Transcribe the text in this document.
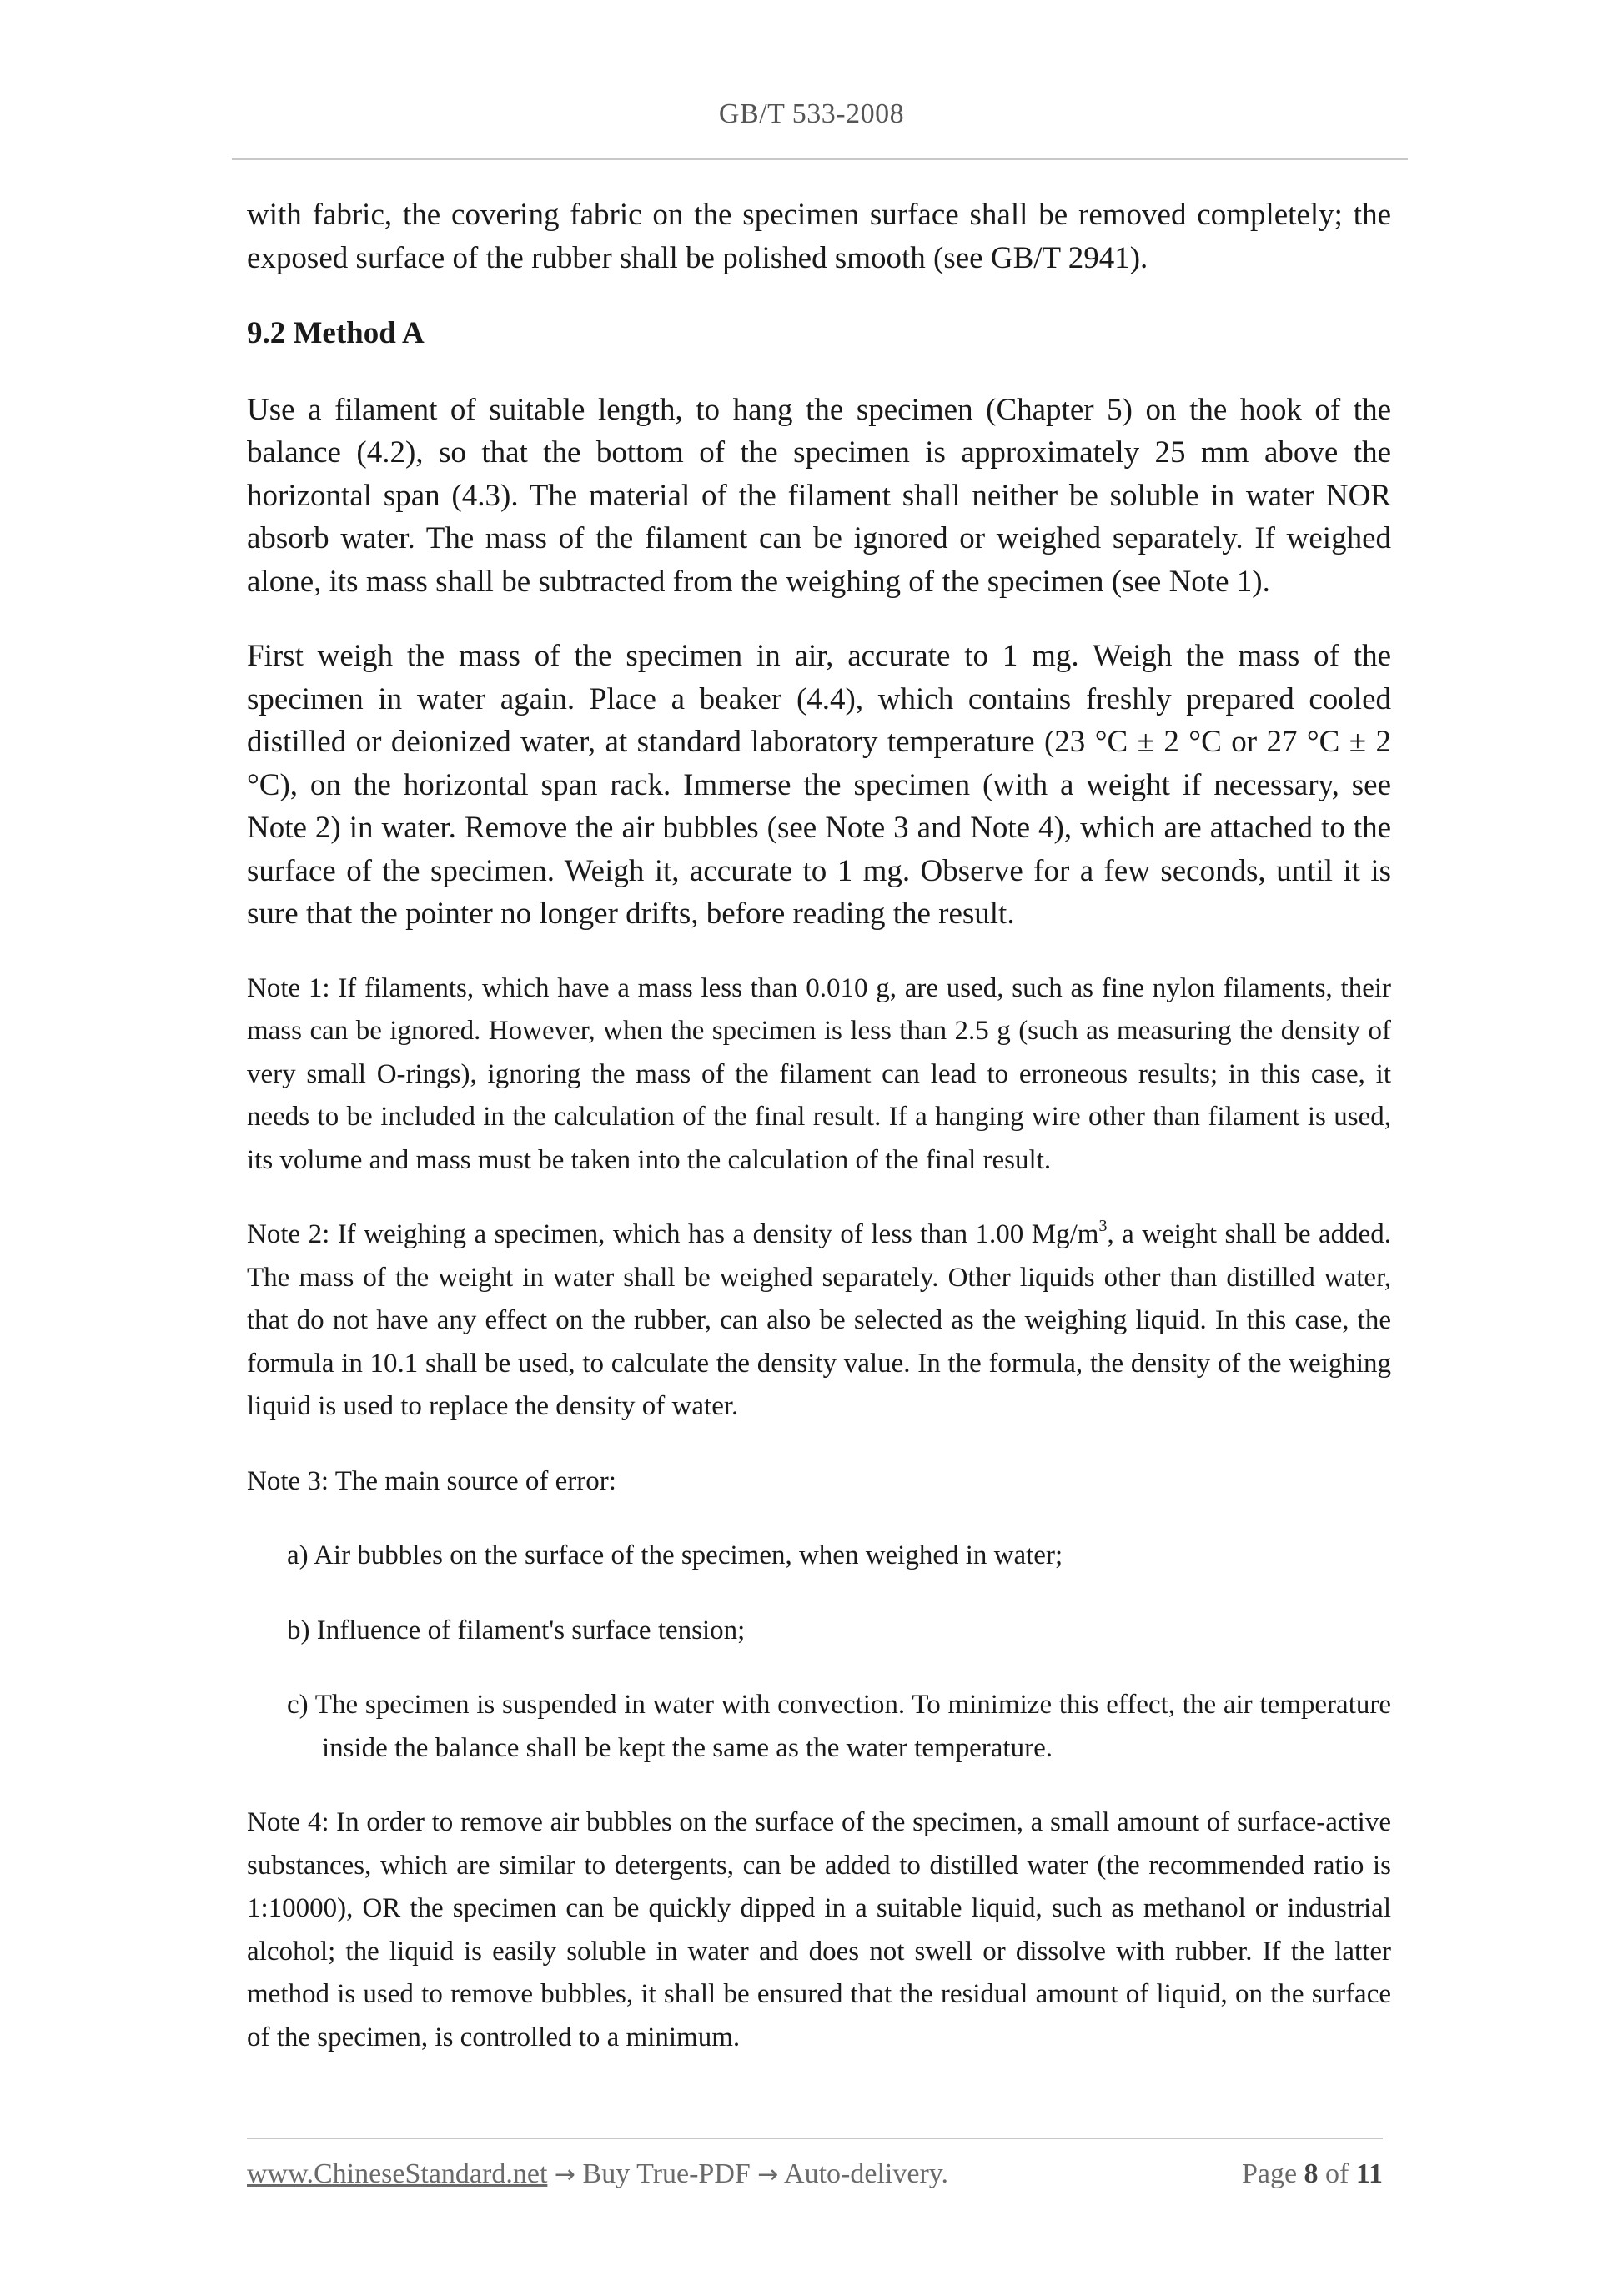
GB/T 533-2008

with fabric, the covering fabric on the specimen surface shall be removed completely; the exposed surface of the rubber shall be polished smooth (see GB/T 2941).

9.2 Method A

Use a filament of suitable length, to hang the specimen (Chapter 5) on the hook of the balance (4.2), so that the bottom of the specimen is approximately 25 mm above the horizontal span (4.3). The material of the filament shall neither be soluble in water NOR absorb water. The mass of the filament can be ignored or weighed separately. If weighed alone, its mass shall be subtracted from the weighing of the specimen (see Note 1).

First weigh the mass of the specimen in air, accurate to 1 mg. Weigh the mass of the specimen in water again. Place a beaker (4.4), which contains freshly prepared cooled distilled or deionized water, at standard laboratory temperature (23 °C ± 2 °C or 27 °C ± 2 °C), on the horizontal span rack. Immerse the specimen (with a weight if necessary, see Note 2) in water. Remove the air bubbles (see Note 3 and Note 4), which are attached to the surface of the specimen. Weigh it, accurate to 1 mg. Observe for a few seconds, until it is sure that the pointer no longer drifts, before reading the result.

Note 1: If filaments, which have a mass less than 0.010 g, are used, such as fine nylon filaments, their mass can be ignored. However, when the specimen is less than 2.5 g (such as measuring the density of very small O-rings), ignoring the mass of the filament can lead to erroneous results; in this case, it needs to be included in the calculation of the final result. If a hanging wire other than filament is used, its volume and mass must be taken into the calculation of the final result.

Note 2: If weighing a specimen, which has a density of less than 1.00 $Mg/m^3$, a weight shall be added. The mass of the weight in water shall be weighed separately. Other liquids other than distilled water, that do not have any effect on the rubber, can also be selected as the weighing liquid. In this case, the formula in 10.1 shall be used, to calculate the density value. In the formula, the density of the weighing liquid is used to replace the density of water.

Note 3: The main source of error:

a) Air bubbles on the surface of the specimen, when weighed in water;
b) Influence of filament's surface tension;
c) The specimen is suspended in water with convection. To minimize this effect, the air temperature inside the balance shall be kept the same as the water temperature.

Note 4: In order to remove air bubbles on the surface of the specimen, a small amount of surface-active substances, which are similar to detergents, can be added to distilled water (the recommended ratio is 1:10000), OR the specimen can be quickly dipped in a suitable liquid, such as methanol or industrial alcohol; the liquid is easily soluble in water and does not swell or dissolve with rubber. If the latter method is used to remove bubbles, it shall be ensured that the residual amount of liquid, on the surface of the specimen, is controlled to a minimum.

www.ChineseStandard.net → Buy True-PDF → Auto-delivery.	Page 8 of 11
